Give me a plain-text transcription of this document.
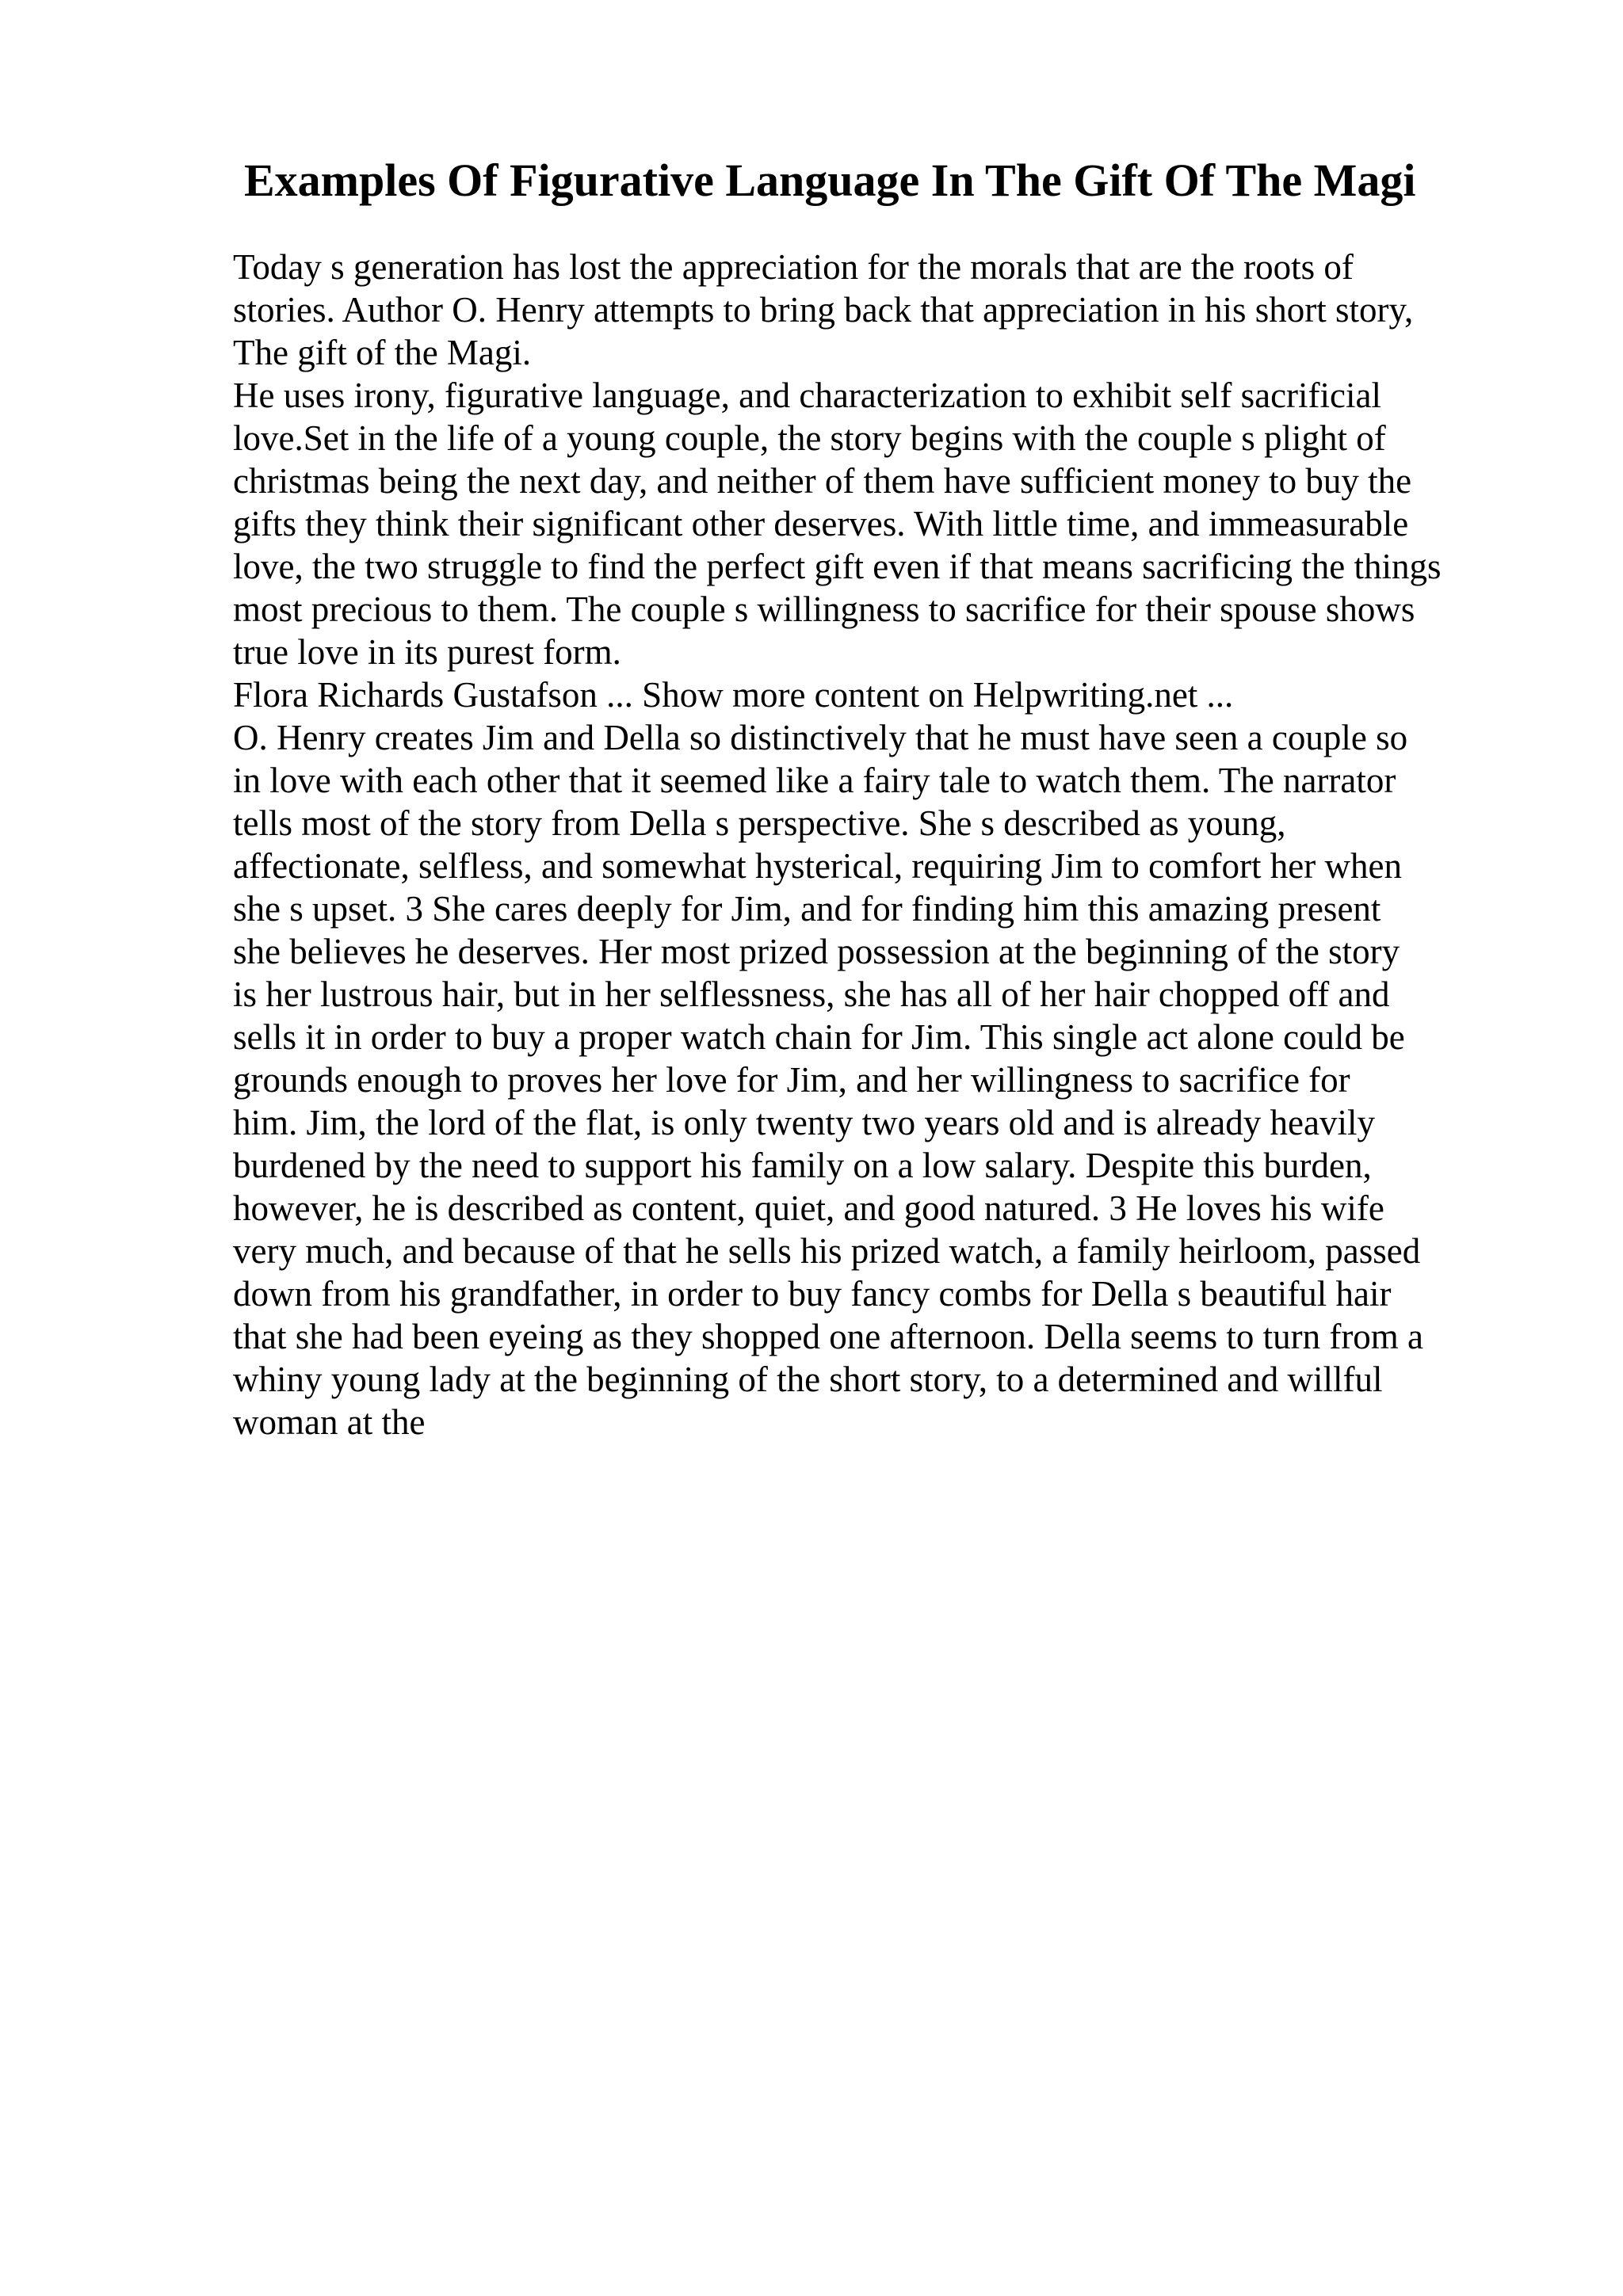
Examples Of Figurative Language In The Gift Of The Magi
Today s generation has lost the appreciation for the morals that are the roots of
stories. Author O. Henry attempts to bring back that appreciation in his short story,
The gift of the Magi.
He uses irony, figurative language, and characterization to exhibit self sacrificial
love.Set in the life of a young couple, the story begins with the couple s plight of
christmas being the next day, and neither of them have sufficient money to buy the
gifts they think their significant other deserves. With little time, and immeasurable
love, the two struggle to find the perfect gift even if that means sacrificing the things
most precious to them. The couple s willingness to sacrifice for their spouse shows
true love in its purest form.
Flora Richards Gustafson ... Show more content on Helpwriting.net ...
O. Henry creates Jim and Della so distinctively that he must have seen a couple so
in love with each other that it seemed like a fairy tale to watch them. The narrator
tells most of the story from Della s perspective. She s described as young,
affectionate, selfless, and somewhat hysterical, requiring Jim to comfort her when
she s upset. 3 She cares deeply for Jim, and for finding him this amazing present
she believes he deserves. Her most prized possession at the beginning of the story
is her lustrous hair, but in her selflessness, she has all of her hair chopped off and
sells it in order to buy a proper watch chain for Jim. This single act alone could be
grounds enough to proves her love for Jim, and her willingness to sacrifice for
him. Jim, the lord of the flat, is only twenty two years old and is already heavily
burdened by the need to support his family on a low salary. Despite this burden,
however, he is described as content, quiet, and good natured. 3 He loves his wife
very much, and because of that he sells his prized watch, a family heirloom, passed
down from his grandfather, in order to buy fancy combs for Della s beautiful hair
that she had been eyeing as they shopped one afternoon. Della seems to turn from a
whiny young lady at the beginning of the short story, to a determined and willful
woman at the
